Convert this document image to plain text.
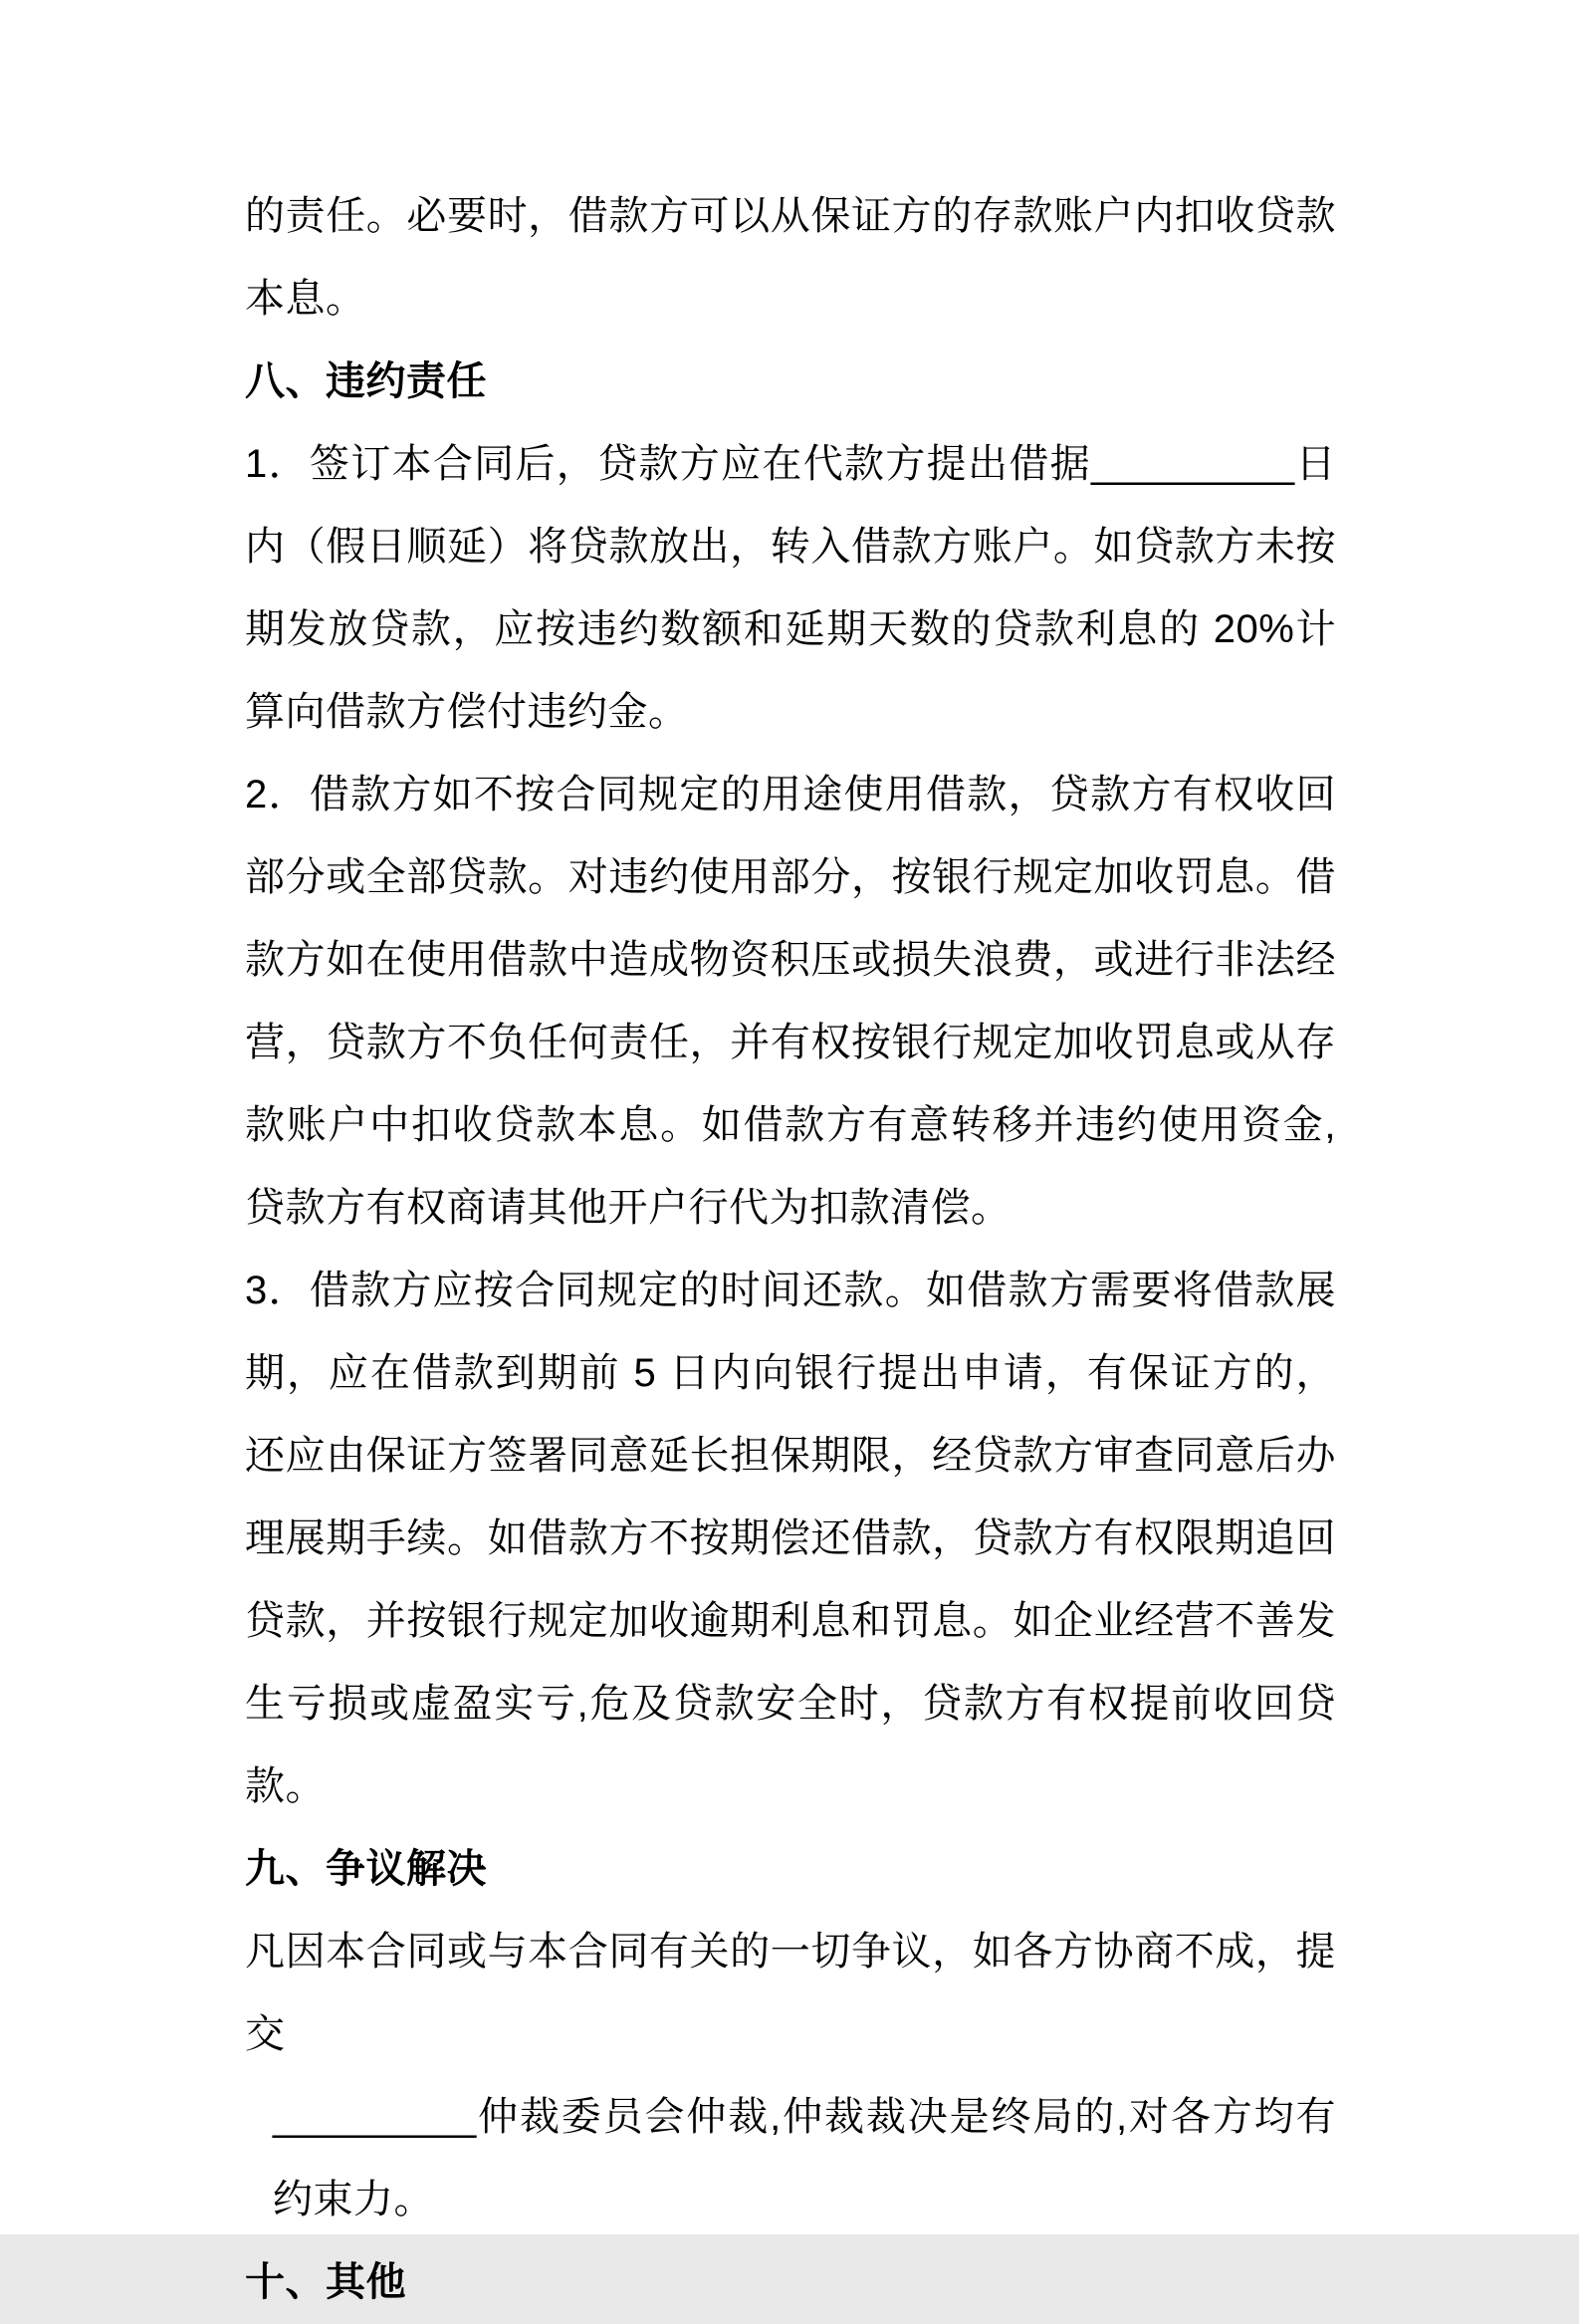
的责任。必要时，借款方可以从保证方的存款账户内扣收贷款本息。

八、违约责任

1．签订本合同后，贷款方应在代款方提出借据_________日内（假日顺延）将贷款放出，转入借款方账户。如贷款方未按期发放贷款，应按违约数额和延期天数的贷款利息的 20%计算向借款方偿付违约金。

2．借款方如不按合同规定的用途使用借款，贷款方有权收回部分或全部贷款。对违约使用部分，按银行规定加收罚息。借款方如在使用借款中造成物资积压或损失浪费，或进行非法经营，贷款方不负任何责任，并有权按银行规定加收罚息或从存款账户中扣收贷款本息。如借款方有意转移并违约使用资金,贷款方有权商请其他开户行代为扣款清偿。

3．借款方应按合同规定的时间还款。如借款方需要将借款展期，应在借款到期前 5 日内向银行提出申请，有保证方的，还应由保证方签署同意延长担保期限，经贷款方审查同意后办理展期手续。如借款方不按期偿还借款，贷款方有权限期追回贷款，并按银行规定加收逾期利息和罚息。如企业经营不善发生亏损或虚盈实亏,危及贷款安全时，贷款方有权提前收回贷款。

九、争议解决

凡因本合同或与本合同有关的一切争议，如各方协商不成，提交

_________仲裁委员会仲裁,仲裁裁决是终局的,对各方均有约束力。

十、其他
